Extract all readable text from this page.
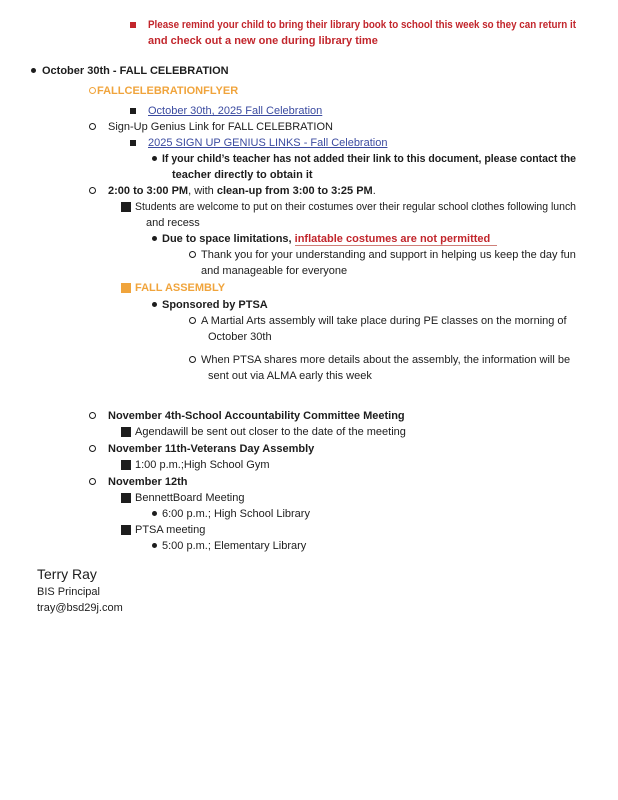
Please remind your child to bring their library book to school this week so they can return it
and check out a new one during library time
October 30th - FALL CELEBRATION
FALLCELEBRATIONFLYER
October 30th, 2025 Fall Celebration
Sign-Up Genius Link for FALL CELEBRATION
2025 SIGN UP GENIUS LINKS - Fall Celebration
If your child’s teacher has not added their link to this document, please contact the
teacher directly to obtain it
2:00 to 3:00 PM, with clean-up from 3:00 to 3:25 PM.
Students are welcome to put on their costumes over their regular school clothes following lunch
and recess
Due to space limitations, inflatable costumes are not permitted
Thank you for your understanding and support in helping us keep the day fun
and manageable for everyone
FALL ASSEMBLY
Sponsored by PTSA
A Martial Arts assembly will take place during PE classes on the morning of
October 30th
When PTSA shares more details about the assembly, the information will be
sent out via ALMA early this week
November 4th-School Accountability Committee Meeting
Agendawill be sent out closer to the date of the meeting
November 11th-Veterans Day Assembly
1:00 p.m.;High School Gym
November 12th
BennettBoard Meeting
6:00 p.m.; High School Library
PTSA meeting
5:00 p.m.; Elementary Library
Terry Ray
BIS Principal
tray@bsd29j.com
